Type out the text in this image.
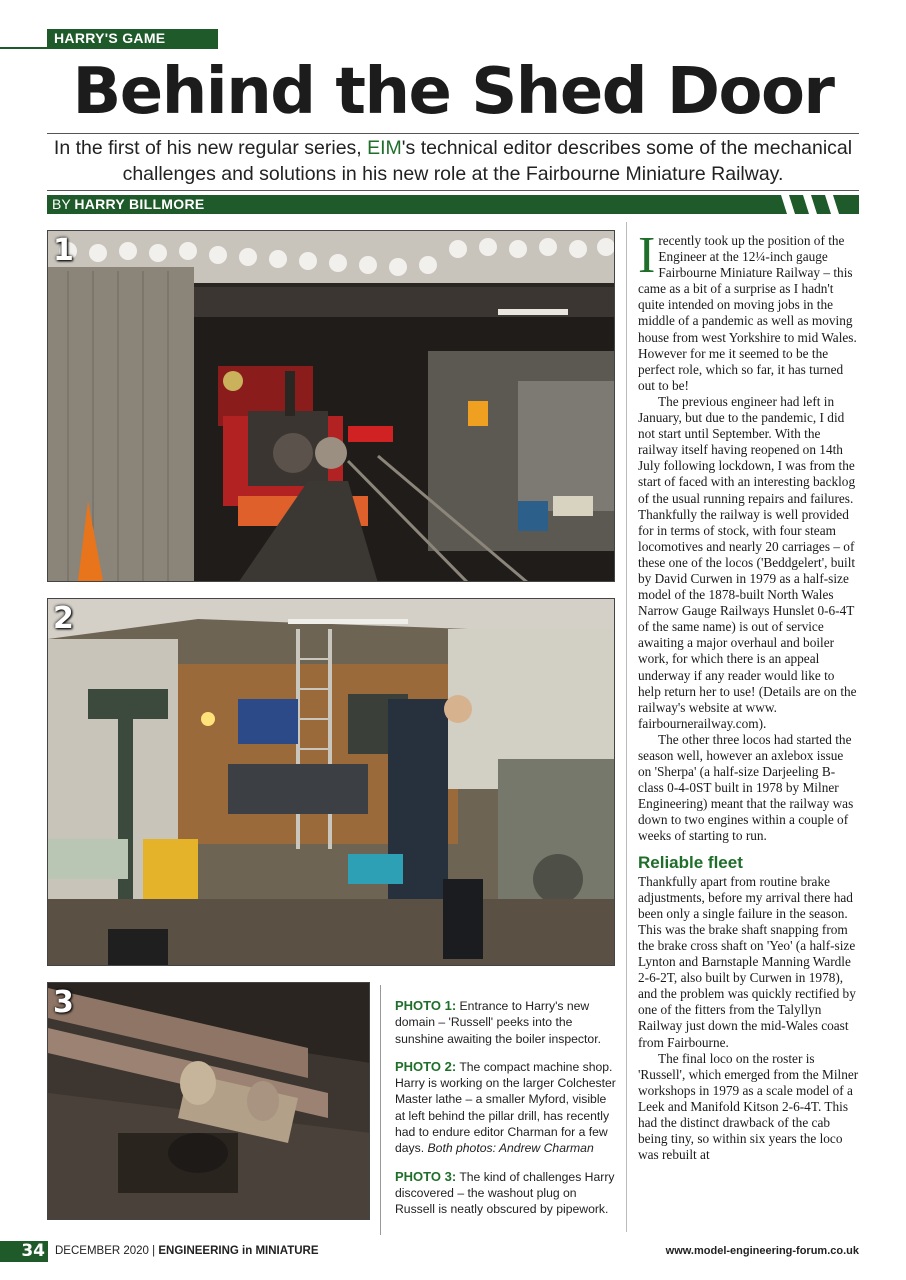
HARRY'S GAME
Behind the Shed Door
In the first of his new regular series, EIM's technical editor describes some of the mechanical challenges and solutions in his new role at the Fairbourne Miniature Railway.
BY HARRY BILLMORE
1
2
3	PHOTO 1: Entrance to Harry's new domain – 'Russell' peeks into the sunshine awaiting the boiler inspector.

PHOTO 2: The compact machine shop. Harry is working on the larger Colchester Master lathe – a smaller Myford, visible at left behind the pillar drill, has recently had to endure editor Charman for a few days. Both photos: Andrew Charman

PHOTO 3: The kind of challenges Harry discovered – the washout plug on Russell is neatly obscured by pipework.

I recently took up the position of the Engineer at the 12¼-inch gauge Fairbourne Miniature Railway – this came as a bit of a surprise as I hadn't quite intended on moving jobs in the middle of a pandemic as well as moving house from west Yorkshire to mid Wales. However for me it seemed to be the perfect role, which so far, it has turned out to be!

The previous engineer had left in January, but due to the pandemic, I did not start until September. With the railway itself having reopened on 14th July following lockdown, I was from the start of faced with an interesting backlog of the usual running repairs and failures. Thankfully the railway is well provided for in terms of stock, with four steam locomotives and nearly 20 carriages – of these one of the locos ('Beddgelert', built by David Curwen in 1979 as a half-size model of the 1878-built North Wales Narrow Gauge Railways Hunslet 0-6-4T of the same name) is out of service awaiting a major overhaul and boiler work, for which there is an appeal underway if any reader would like to help return her to use! (Details are on the railway's website at www. fairbournerailway.com).

The other three locos had started the season well, however an axlebox issue on 'Sherpa' (a half-size Darjeeling B-class 0-4-0ST built in 1978 by Milner Engineering) meant that the railway was down to two engines within a couple of weeks of starting to run.

Reliable fleet

Thankfully apart from routine brake adjustments, before my arrival there had been only a single failure in the season. This was the brake shaft snapping from the brake cross shaft on 'Yeo' (a half-size Lynton and Barnstaple Manning Wardle 2-6-2T, also built by Curwen in 1978), and the problem was quickly rectified by one of the fitters from the Talyllyn Railway just down the mid-Wales coast from Fairbourne.

The final loco on the roster is 'Russell', which emerged from the Milner workshops in 1979 as a scale model of a Leek and Manifold Kitson 2-6-4T. This had the distinct drawback of the cab being tiny, so within six years the loco was rebuilt at

34 DECEMBER 2020 | ENGINEERING in MINIATURE	www.model-engineering-forum.co.uk
